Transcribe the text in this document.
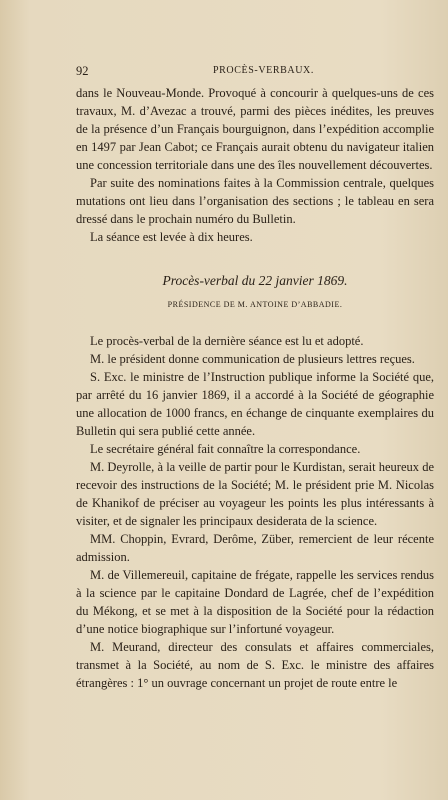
92	PROCÈS-VERBAUX.

dans le Nouveau-Monde. Provoqué à concourir à quelques-uns de ces travaux, M. d’Avezac a trouvé, parmi des pièces inédites, les preuves de la présence d’un Français bourguignon, dans l’expédition accomplie en 1497 par Jean Cabot; ce Français aurait obtenu du navigateur italien une concession territoriale dans une des îles nouvellement découvertes.

Par suite des nominations faites à la Commission centrale, quelques mutations ont lieu dans l’organisation des sections ; le tableau en sera dressé dans le prochain numéro du Bulletin.

La séance est levée à dix heures.

Procès-verbal du 22 janvier 1869.
PRÉSIDENCE DE M. ANTOINE D’ABBADIE.

Le procès-verbal de la dernière séance est lu et adopté.

M. le président donne communication de plusieurs lettres reçues.

S. Exc. le ministre de l’Instruction publique informe la Société que, par arrêté du 16 janvier 1869, il a accordé à la Société de géographie une allocation de 1000 francs, en échange de cinquante exemplaires du Bulletin qui sera publié cette année.

Le secrétaire général fait connaître la correspondance.

M. Deyrolle, à la veille de partir pour le Kurdistan, serait heureux de recevoir des instructions de la Société; M. le président prie M. Nicolas de Khanikof de préciser au voyageur les points les plus intéressants à visiter, et de signaler les principaux desiderata de la science.

MM. Choppin, Evrard, Derôme, Züber, remercient de leur récente admission.

M. de Villemereuil, capitaine de frégate, rappelle les services rendus à la science par le capitaine Dondard de Lagrée, chef de l’expédition du Mékong, et se met à la disposition de la Société pour la rédaction d’une notice biographique sur l’infortuné voyageur.

M. Meurand, directeur des consulats et affaires commerciales, transmet à la Société, au nom de S. Exc. le ministre des affaires étrangères : 1° un ouvrage concernant un projet de route entre le
